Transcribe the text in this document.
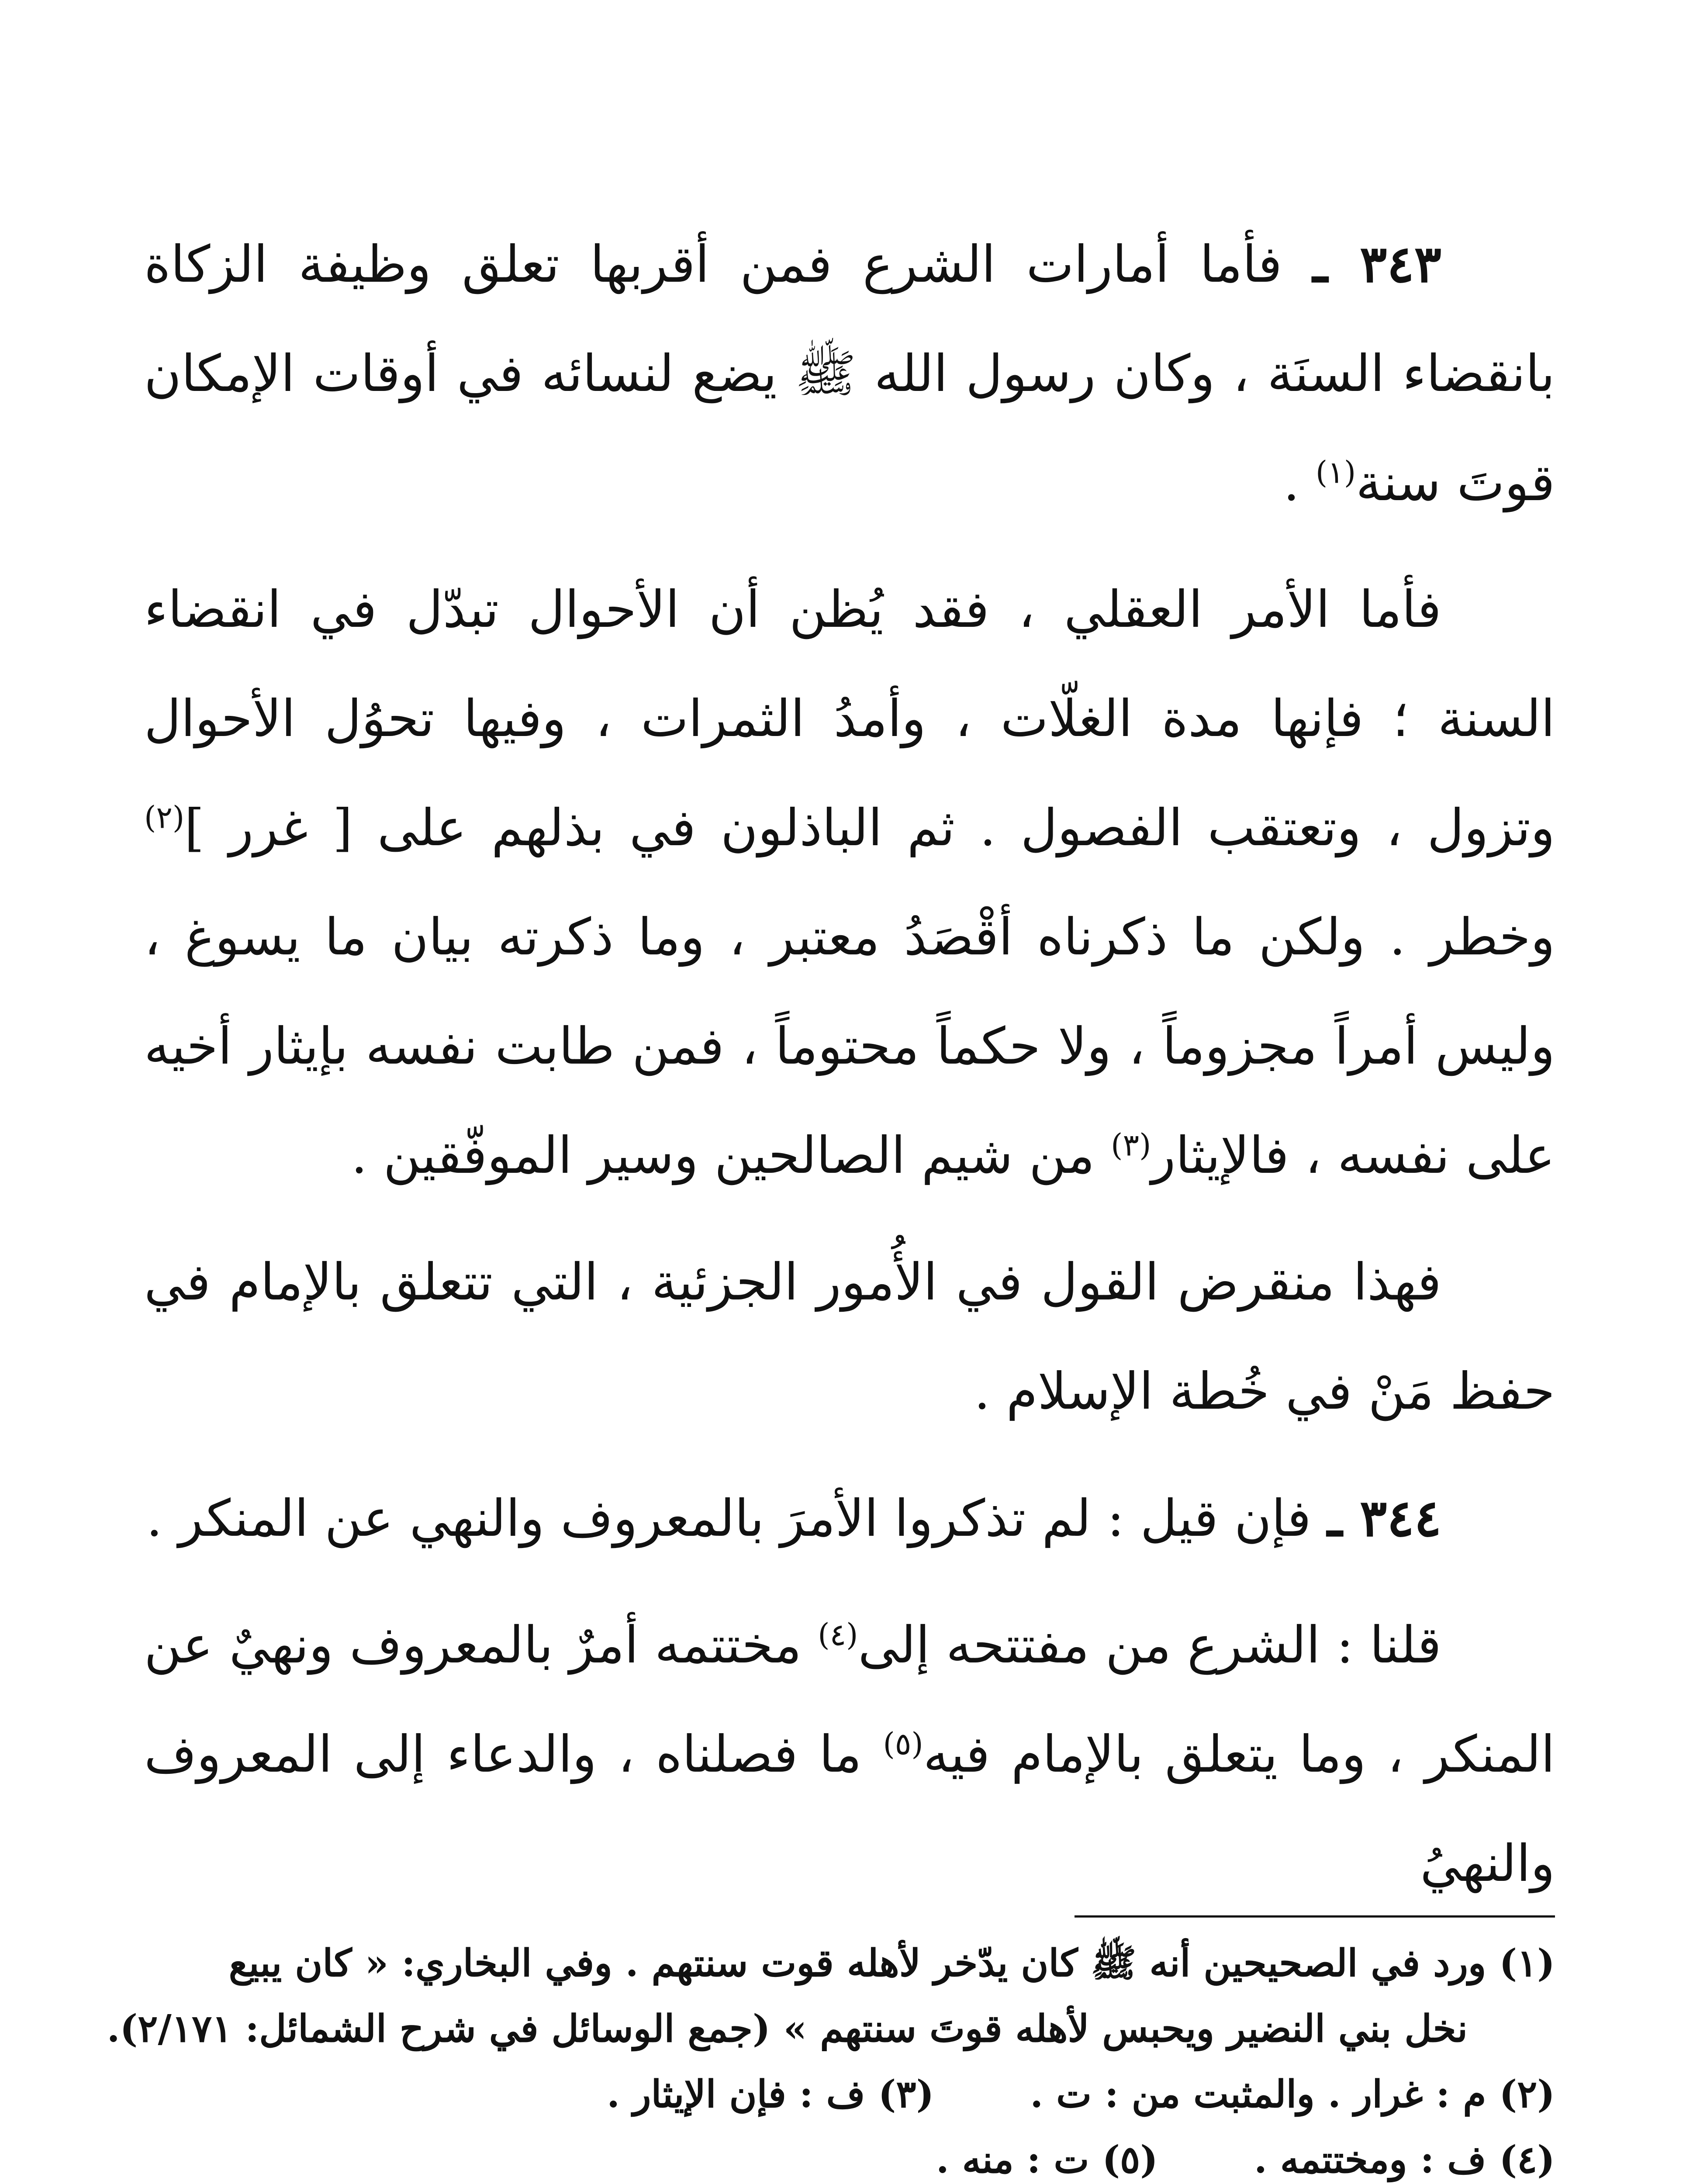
٣٤٣ ـ فأما أمارات الشرع فمن أقربها تعلق وظيفة الزكاة بانقضاء السنَة ، وكان رسول الله ﷺ يضع لنسائه في أوقات الإمكان قوتَ سنة$^{(١)}$ .

فأما الأمر العقلي ، فقد يُظن أن الأحوال تبدّل في انقضاء السنة ؛ فإنها مدة الغلّات ، وأمدُ الثمرات ، وفيها تحوُل الأحوال وتزول ، وتعتقب الفصول . ثم الباذلون في بذلهم على [ غرر ]$^{(٢)}$ وخطر . ولكن ما ذكرناه أقْصَدُ معتبر ، وما ذكرته بيان ما يسوغ ، وليس أمراً مجزوماً ، ولا حكماً محتوماً ، فمن طابت نفسه بإيثار أخيه على نفسه ، فالإيثار$^{(٣)}$ من شيم الصالحين وسير الموفّقين .

فهذا منقرض القول في الأُمور الجزئية ، التي تتعلق بالإمام في حفظ مَنْ في خُطة الإسلام .

٣٤٤ ـ فإن قيل : لم تذكروا الأمرَ بالمعروف والنهي عن المنكر .

قلنا : الشرع من مفتتحه إلى$^{(٤)}$ مختتمه أمرٌ بالمعروف ونهيٌ عن المنكر ، وما يتعلق بالإمام فيه$^{(٥)}$ ما فصلناه ، والدعاء إلى المعروف والنهيُ

(١) ورد في الصحيحين أنه ﷺ كان يدّخر لأهله قوت سنتهم . وفي البخاري: « كان يبيع
نخل بني النضير ويحبس لأهله قوتَ سنتهم » (جمع الوسائل في شرح الشمائل: ٢/١٧١).
(٢) م : غرار . والمثبت من : ت .
(٣) ف : فإن الإيثار .
(٤) ف : ومختتمه .
(٥) ت : منه .
